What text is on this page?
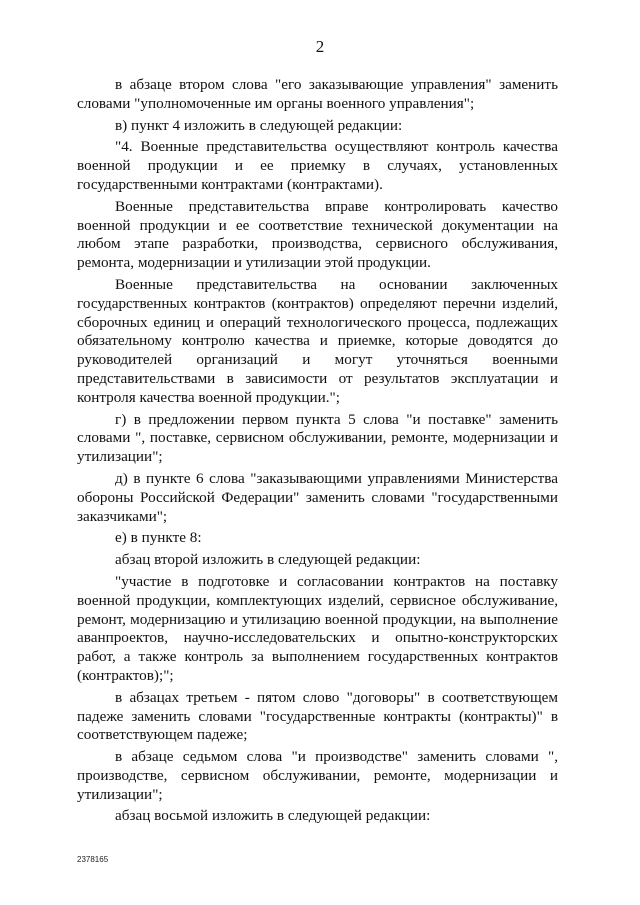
2

в абзаце втором слова "его заказывающие управления" заменить словами "уполномоченные им органы военного управления";

в) пункт 4 изложить в следующей редакции:

"4. Военные представительства осуществляют контроль качества военной продукции и ее приемку в случаях, установленных государственными контрактами (контрактами).

Военные представительства вправе контролировать качество военной продукции и ее соответствие технической документации на любом этапе разработки, производства, сервисного обслуживания, ремонта, модернизации и утилизации этой продукции.

Военные представительства на основании заключенных государственных контрактов (контрактов) определяют перечни изделий, сборочных единиц и операций технологического процесса, подлежащих обязательному контролю качества и приемке, которые доводятся до руководителей организаций и могут уточняться военными представительствами в зависимости от результатов эксплуатации и контроля качества военной продукции.";

г) в предложении первом пункта 5 слова "и поставке" заменить словами ", поставке, сервисном обслуживании, ремонте, модернизации и утилизации";

д) в пункте 6 слова "заказывающими управлениями Министерства обороны Российской Федерации" заменить словами "государственными заказчиками";

е) в пункте 8:

абзац второй изложить в следующей редакции:

"участие в подготовке и согласовании контрактов на поставку военной продукции, комплектующих изделий, сервисное обслуживание, ремонт, модернизацию и утилизацию военной продукции, на выполнение аванпроектов, научно-исследовательских и опытно-конструкторских работ, а также контроль за выполнением государственных контрактов (контрактов);";

в абзацах третьем - пятом слово "договоры" в соответствующем падеже заменить словами "государственные контракты (контракты)" в соответствующем падеже;

в абзаце седьмом слова "и производстве" заменить словами ", производстве, сервисном обслуживании, ремонте, модернизации и утилизации";

абзац восьмой изложить в следующей редакции:

2378165
